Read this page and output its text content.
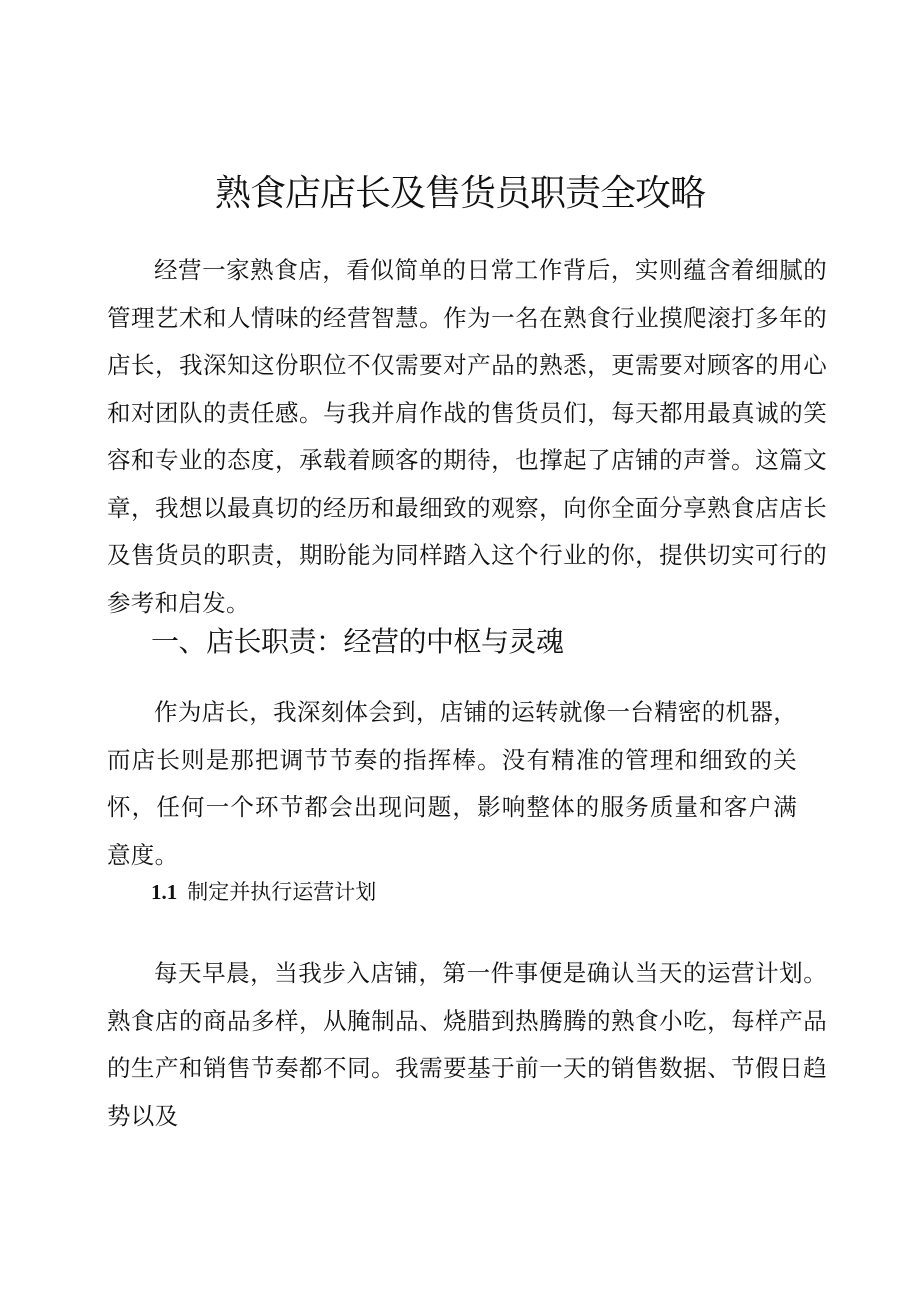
熟食店店长及售货员职责全攻略

经营一家熟食店，看似简单的日常工作背后，实则蕴含着细腻的管理艺术和人情味的经营智慧。作为一名在熟食行业摸爬滚打多年的店长，我深知这份职位不仅需要对产品的熟悉，更需要对顾客的用心和对团队的责任感。与我并肩作战的售货员们，每天都用最真诚的笑容和专业的态度，承载着顾客的期待，也撑起了店铺的声誉。这篇文章，我想以最真切的经历和最细致的观察，向你全面分享熟食店店长及售货员的职责，期盼能为同样踏入这个行业的你，提供切实可行的参考和启发。

一、店长职责：经营的中枢与灵魂

作为店长，我深刻体会到，店铺的运转就像一台精密的机器，而店长则是那把调节节奏的指挥棒。没有精准的管理和细致的关怀，任何一个环节都会出现问题，影响整体的服务质量和客户满意度。

1.1 制定并执行运营计划

每天早晨，当我步入店铺，第一件事便是确认当天的运营计划。熟食店的商品多样，从腌制品、烧腊到热腾腾的熟食小吃，每样产品的生产和销售节奏都不同。我需要基于前一天的销售数据、节假日趋势以及
